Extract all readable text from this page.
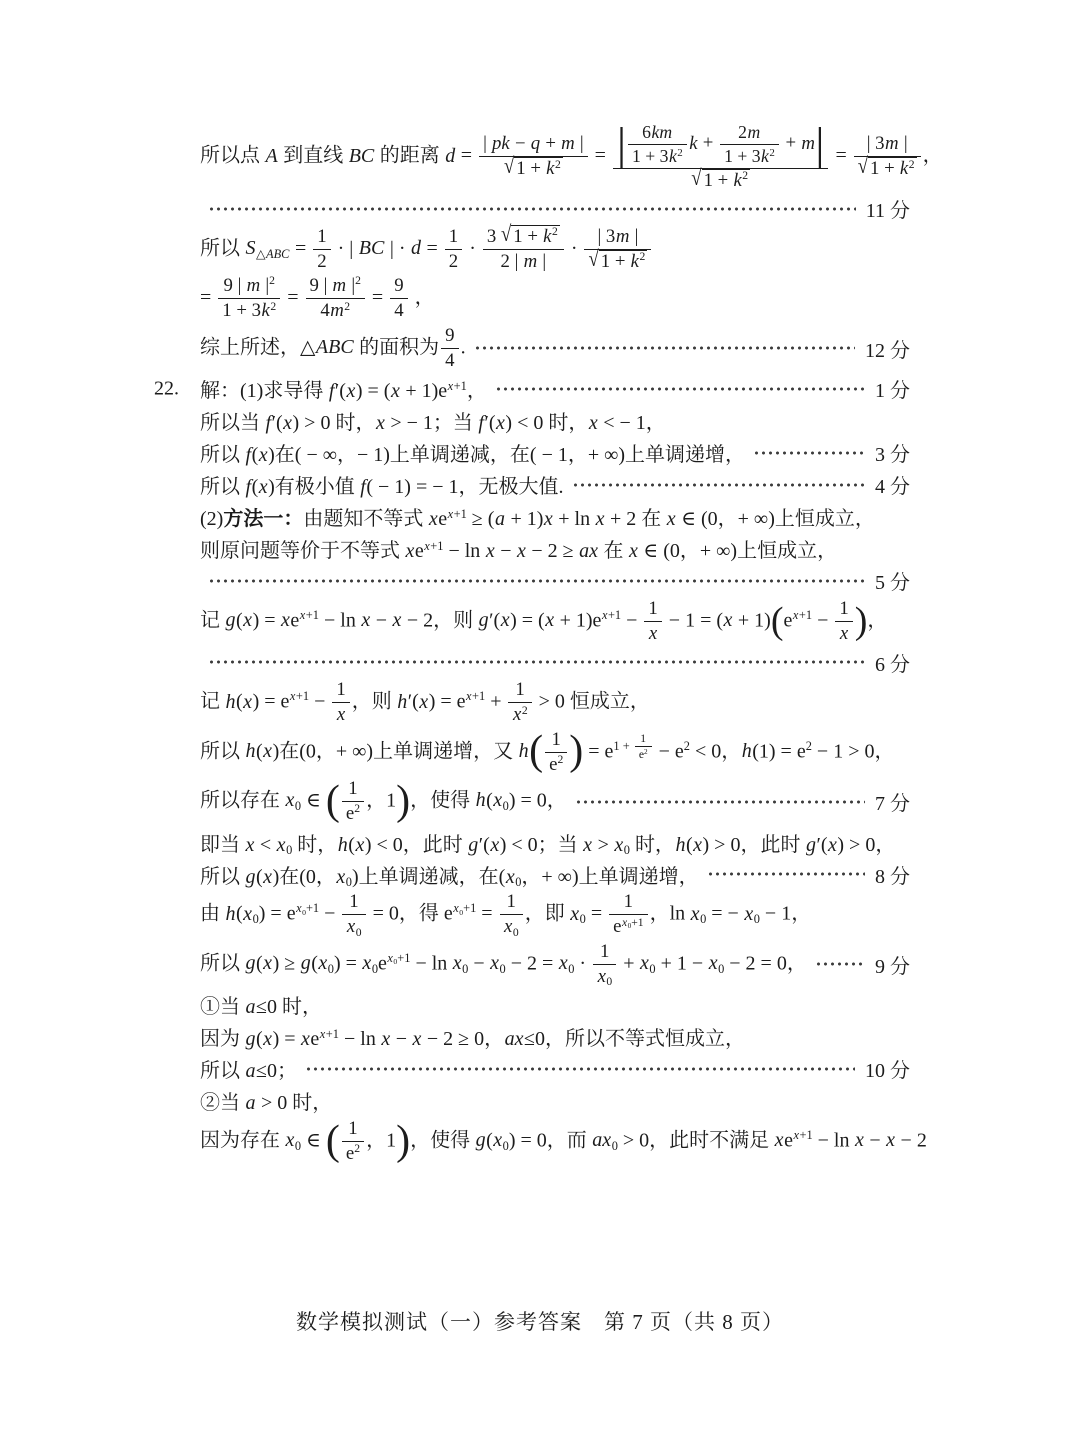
所以点 A 到直线 BC 的距离 $d = \frac{| pk - q + m |}{√ 1 + k2} = \frac{| \frac{6km}{1 + 3k2} k + \frac{2m}{1 + 3k2} + m|}{√ 1 + k2} = \frac{| 3m |}{√ 1 + k2}$ ，
11 分
所以 S△ABC = $\frac{1}{2}$ · | BC | · $d = \frac{1}{2} \cdot \frac{3 √ 1 + k2}{2 | m |} \cdot \frac{| 3m |}{√ 1 + k2}$
= $\frac{9 | m |2}{1 + 3k2} = \frac{9 | m |2}{4m2} = \frac{9}{4}$ ，
综上所述，△ABC 的面积为 $\frac{9}{4}$ .	12 分
22. 解：(1)求导得 f′(x) = (x + 1)ex+1，	1 分
所以当 f′(x) > 0 时，x > − 1；当 f′(x) < 0 时，x < − 1，
所以 f(x)在( − ∞，− 1)上单调递减，在( − 1，+ ∞)上单调递增，	3 分
所以 f(x)有极小值 f( − 1) = − 1，无极大值.	4 分
(2)方法一：由题知不等式 xex+1 ≥ (a + 1)x + ln x + 2 在 x ∈ (0，+ ∞)上恒成立，
则原问题等价于不等式 xex+1 − ln x − x − 2 ≥ ax 在 x ∈ (0，+ ∞)上恒成立，
5 分
记 g(x) = xex+1 − ln x − x − 2，则 $g'(x) = (x + 1)ex+1 - \frac{1}{x} - 1 = (x + 1)(ex+1 - \frac{1}{x}$ )，
6 分
记 $h(x) = ex+1 - \frac{1}{x}$ ，则 $h'(x) = ex+1 + \frac{1}{x2} > 0$ 恒成立，
所以 h(x)在(0，+ ∞)上单调递增，又 $h( \frac{1}{e2}$ ) = $e1 + \frac{1}{e2} - e2 < 0$，h(1) = e2 − 1 > 0，
所以存在 x0 ∈ ( $\frac{1}{e2}$ ，1)，使得 h(x0) = 0，	7 分
即当 x < x0 时，h(x) < 0，此时 g′(x) < 0；当 x > x0 时，h(x) > 0，此时 g′(x) > 0，
所以 g(x)在(0，x0)上单调递减，在(x0，+ ∞)上单调递增，	8 分
由 $h(x0) = ex0+1 - \frac{1}{x0} = 0$，得 $ex0+1 = \frac{1}{x0}$ ，即 $x0 = \frac{1}{ex0+1}$ ，ln x0 = − x0 − 1，
所以 $g(x) \ge g(x0) = x0ex0+1 - \ln x0 - x0 - 2 = x0 \cdot \frac{1}{x0} + x0 + 1 - x0 - 2 = 0$，	9 分
①当 a≤0 时，
因为 g(x) = xex+1 − ln x − x − 2 ≥ 0，ax≤0，所以不等式恒成立，
所以 a≤0；	10 分
②当 a > 0 时，
因为存在 x0 ∈ ( $\frac{1}{e2}$ ，1)，使得 g(x0) = 0，而 ax0 > 0，此时不满足 xex+1 − ln x − x − 2
数学模拟测试（一）参考答案　第 7 页（共 8 页）
